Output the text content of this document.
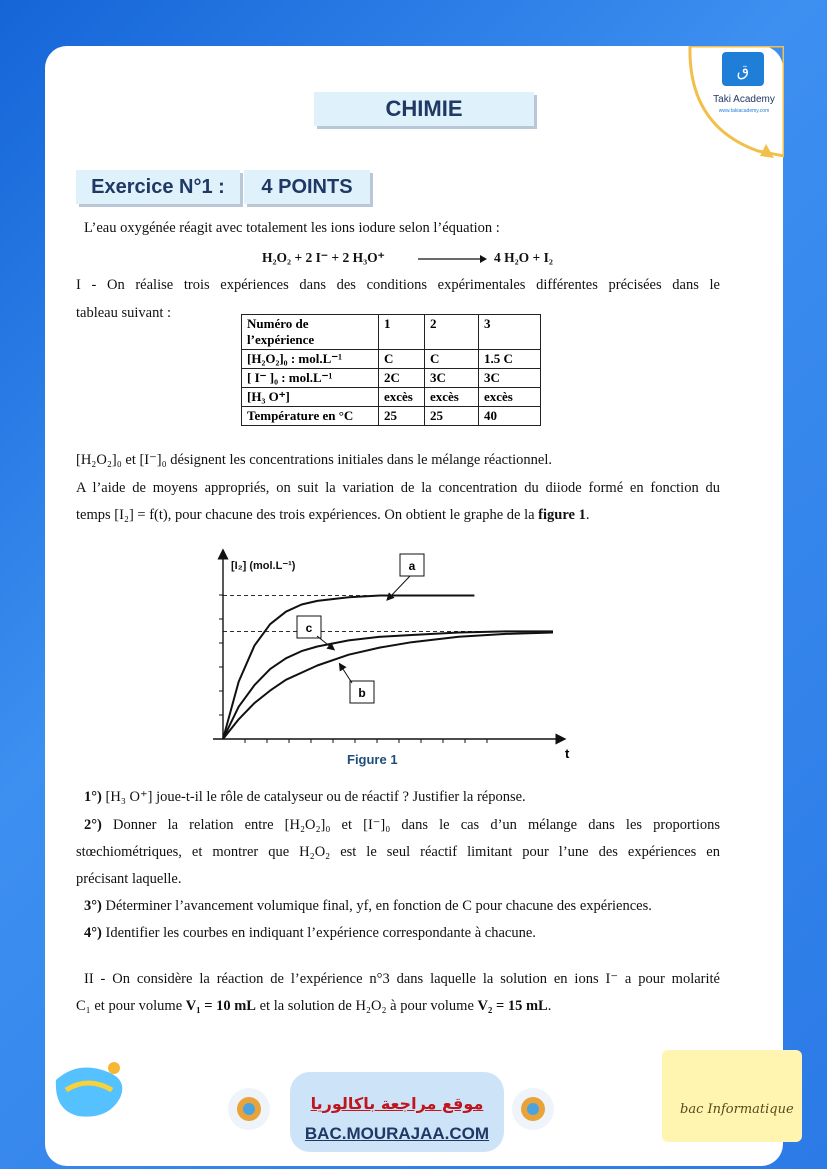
ق
Taki Academy
www.takiacademy.com
CHIMIE
Exercice N°1 :	4 POINTS
L’eau oxygénée réagit avec totalement les ions iodure selon l’équation :
H₂O₂ + 2 I⁻ + 2 H₃O⁺	4 H₂O + I₂
I - On réalise trois expériences dans des conditions expérimentales différentes précisées dans le
tableau suivant :
Numéro de l’expérience	1	2	3
[H₂O₂]₀ : mol.L⁻¹	C	C	1.5 C
[ I⁻ ]₀ : mol.L⁻¹	2C	3C	3C
[H₃ O⁺]	excès	excès	excès
Température en °C	25	25	40
[H₂O₂]₀ et [I⁻]₀ désignent les concentrations initiales dans le mélange réactionnel.
A l’aide de moyens appropriés, on suit la variation de la concentration du diiode formé en fonction du
temps [I₂] = f(t), pour chacune des trois expériences. On obtient le graphe de la figure 1.
[I₂] (mol.L⁻¹)	a
c
b
t
Figure 1
1°) [H₃ O⁺] joue-t-il le rôle de catalyseur ou de réactif ? Justifier la réponse.
2°) Donner la relation entre [H₂O₂]₀ et [I⁻]₀ dans le cas d’un mélange dans les proportions
stœchiométriques, et montrer que H₂O₂ est le seul réactif limitant pour l’une des expériences en
précisant laquelle.
3°) Déterminer l’avancement volumique final, yf, en fonction de C pour chacune des expériences.
4°) Identifier les courbes en indiquant l’expérience correspondante à chacune.
II - On considère la réaction de l’expérience n°3 dans laquelle la solution en ions I⁻ a pour molarité
C₁ et pour volume V₁ = 10 mL et la solution de H₂O₂ à pour volume V₂ = 15 mL.
موقع مراجعة باكالوريا
BAC.MOURAJAA.COM
bac Informatique
